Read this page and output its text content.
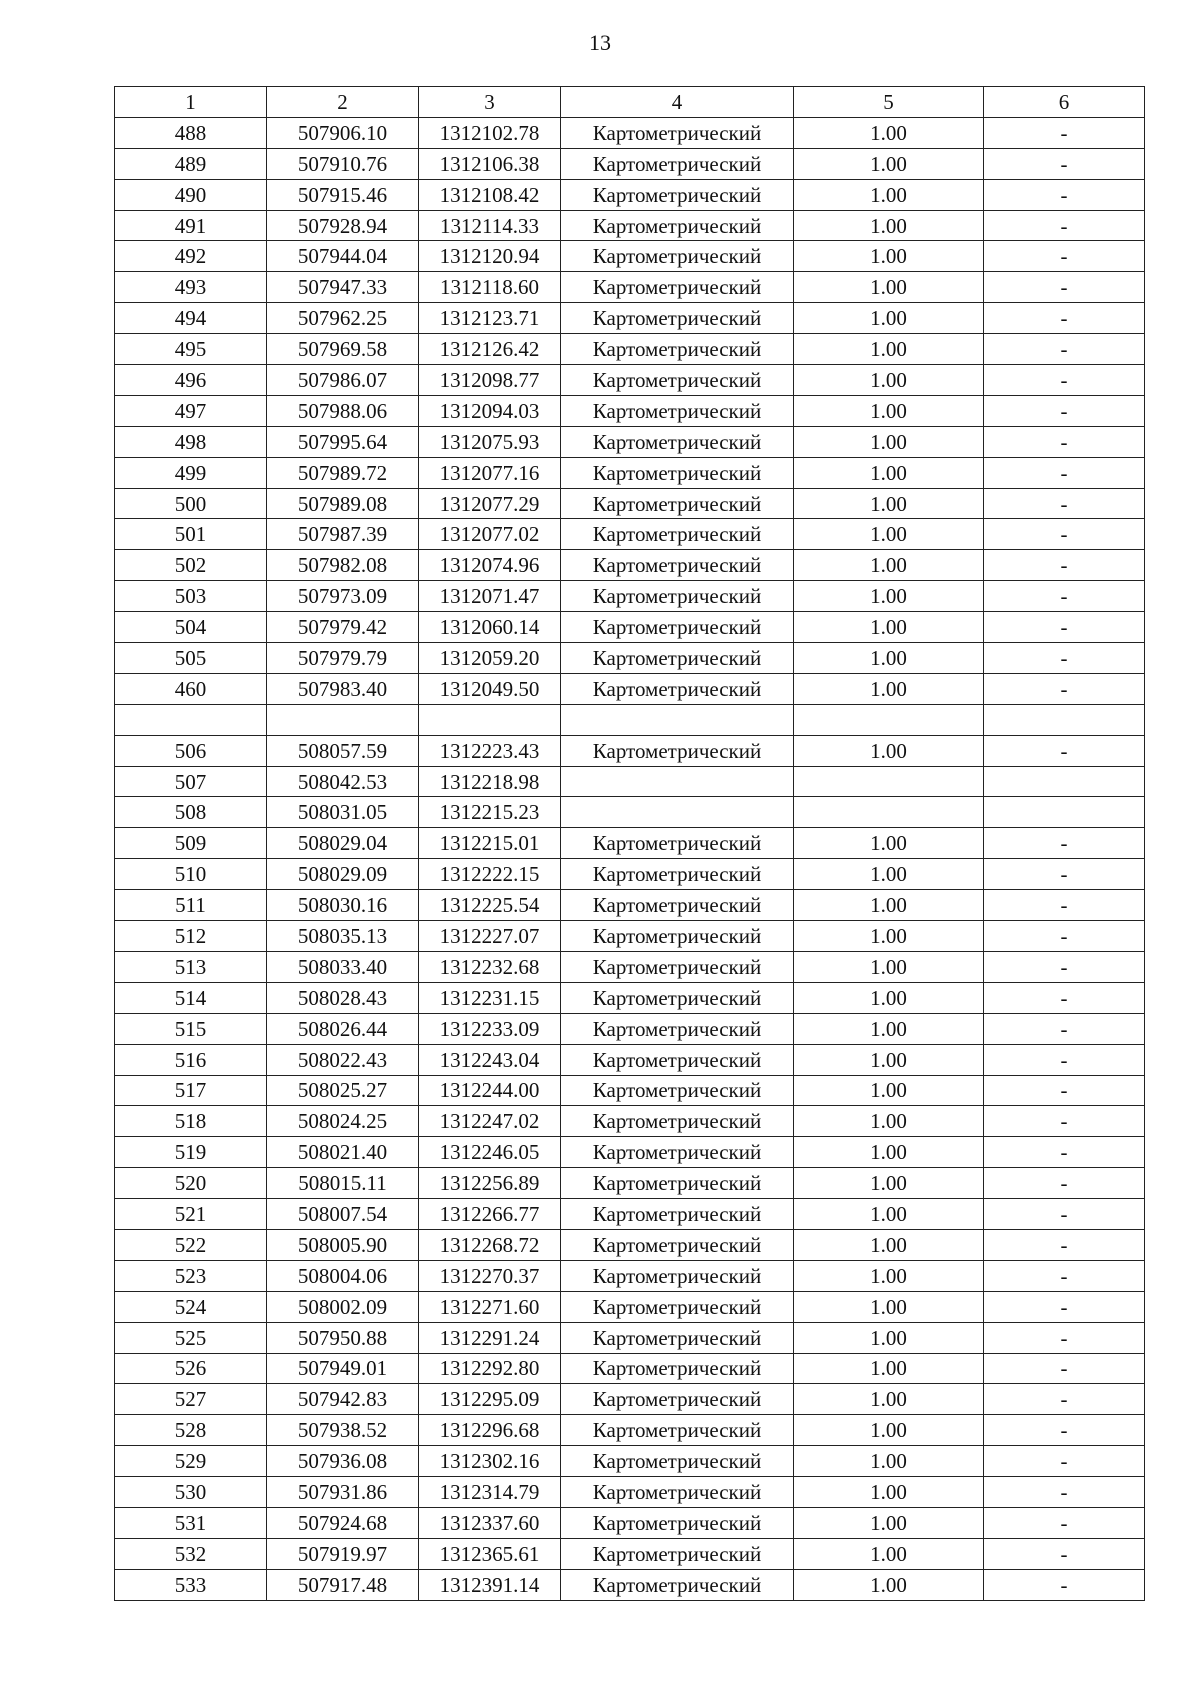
13
1	2	3	4	5	6
488	507906.10	1312102.78	Картометрический	1.00	-
489	507910.76	1312106.38	Картометрический	1.00	-
490	507915.46	1312108.42	Картометрический	1.00	-
491	507928.94	1312114.33	Картометрический	1.00	-
492	507944.04	1312120.94	Картометрический	1.00	-
493	507947.33	1312118.60	Картометрический	1.00	-
494	507962.25	1312123.71	Картометрический	1.00	-
495	507969.58	1312126.42	Картометрический	1.00	-
496	507986.07	1312098.77	Картометрический	1.00	-
497	507988.06	1312094.03	Картометрический	1.00	-
498	507995.64	1312075.93	Картометрический	1.00	-
499	507989.72	1312077.16	Картометрический	1.00	-
500	507989.08	1312077.29	Картометрический	1.00	-
501	507987.39	1312077.02	Картометрический	1.00	-
502	507982.08	1312074.96	Картометрический	1.00	-
503	507973.09	1312071.47	Картометрический	1.00	-
504	507979.42	1312060.14	Картометрический	1.00	-
505	507979.79	1312059.20	Картометрический	1.00	-
460	507983.40	1312049.50	Картометрический	1.00	-

506	508057.59	1312223.43	Картометрический	1.00	-
507	508042.53	1312218.98			
508	508031.05	1312215.23			
509	508029.04	1312215.01	Картометрический	1.00	-
510	508029.09	1312222.15	Картометрический	1.00	-
511	508030.16	1312225.54	Картометрический	1.00	-
512	508035.13	1312227.07	Картометрический	1.00	-
513	508033.40	1312232.68	Картометрический	1.00	-
514	508028.43	1312231.15	Картометрический	1.00	-
515	508026.44	1312233.09	Картометрический	1.00	-
516	508022.43	1312243.04	Картометрический	1.00	-
517	508025.27	1312244.00	Картометрический	1.00	-
518	508024.25	1312247.02	Картометрический	1.00	-
519	508021.40	1312246.05	Картометрический	1.00	-
520	508015.11	1312256.89	Картометрический	1.00	-
521	508007.54	1312266.77	Картометрический	1.00	-
522	508005.90	1312268.72	Картометрический	1.00	-
523	508004.06	1312270.37	Картометрический	1.00	-
524	508002.09	1312271.60	Картометрический	1.00	-
525	507950.88	1312291.24	Картометрический	1.00	-
526	507949.01	1312292.80	Картометрический	1.00	-
527	507942.83	1312295.09	Картометрический	1.00	-
528	507938.52	1312296.68	Картометрический	1.00	-
529	507936.08	1312302.16	Картометрический	1.00	-
530	507931.86	1312314.79	Картометрический	1.00	-
531	507924.68	1312337.60	Картометрический	1.00	-
532	507919.97	1312365.61	Картометрический	1.00	-
533	507917.48	1312391.14	Картометрический	1.00	-
